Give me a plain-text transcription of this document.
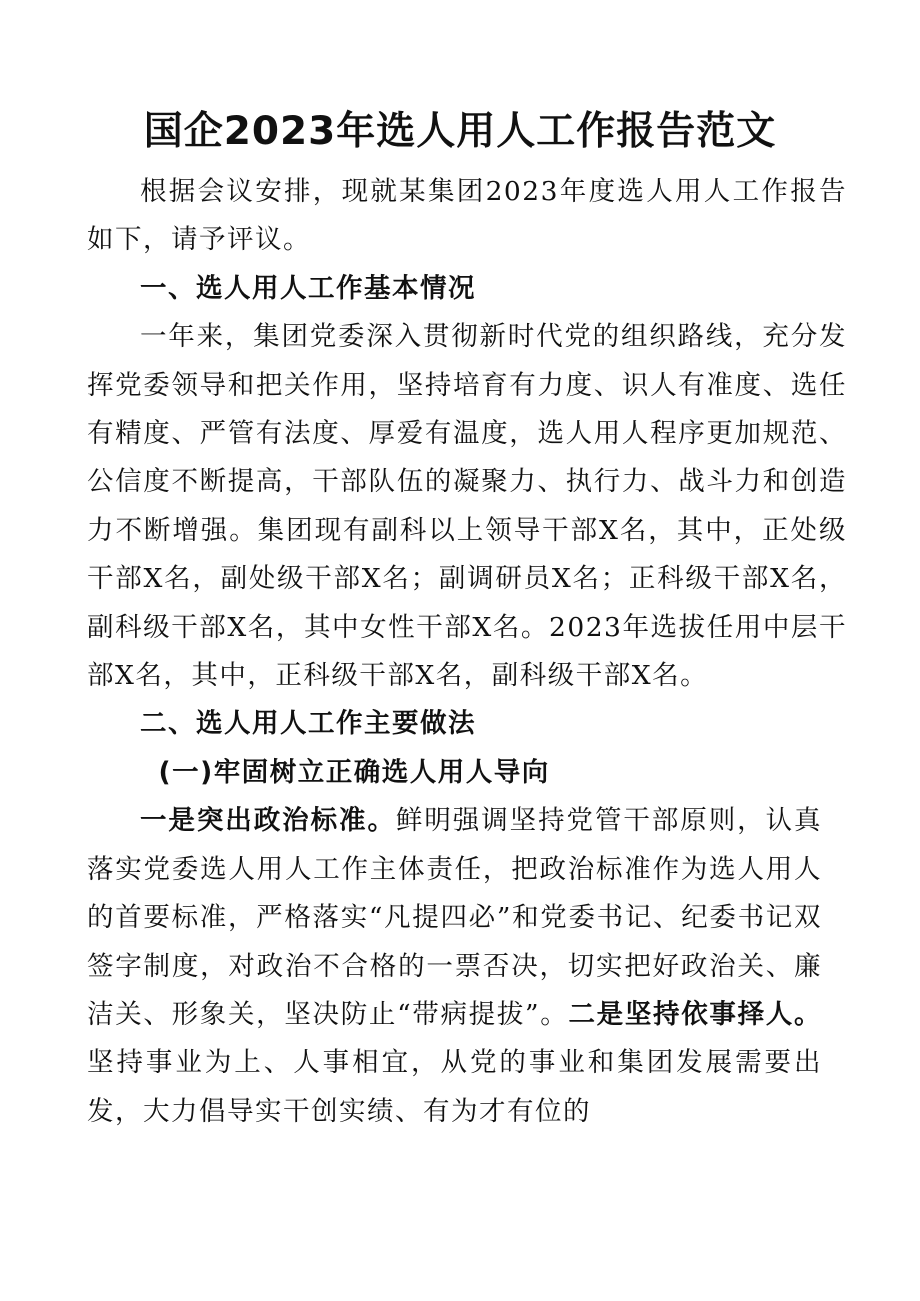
国企2023年选人用人工作报告范文

根据会议安排，现就某集团2023年度选人用人工作报告如下，请予评议。

一、选人用人工作基本情况

一年来，集团党委深入贯彻新时代党的组织路线，充分发挥党委领导和把关作用，坚持培育有力度、识人有准度、选任有精度、严管有法度、厚爱有温度，选人用人程序更加规范、公信度不断提高，干部队伍的凝聚力、执行力、战斗力和创造力不断增强。集团现有副科以上领导干部X名，其中，正处级干部X名，副处级干部X名；副调研员X名；正科级干部X名，副科级干部X名，其中女性干部X名。2023年选拔任用中层干部X名，其中，正科级干部X名，副科级干部X名。

二、选人用人工作主要做法

(一)牢固树立正确选人用人导向

一是突出政治标准。鲜明强调坚持党管干部原则，认真落实党委选人用人工作主体责任，把政治标准作为选人用人的首要标准，严格落实“凡提四必”和党委书记、纪委书记双签字制度，对政治不合格的一票否决，切实把好政治关、廉洁关、形象关，坚决防止“带病提拔”。二是坚持依事择人。坚持事业为上、人事相宜，从党的事业和集团发展需要出发，大力倡导实干创实绩、有为才有位的
